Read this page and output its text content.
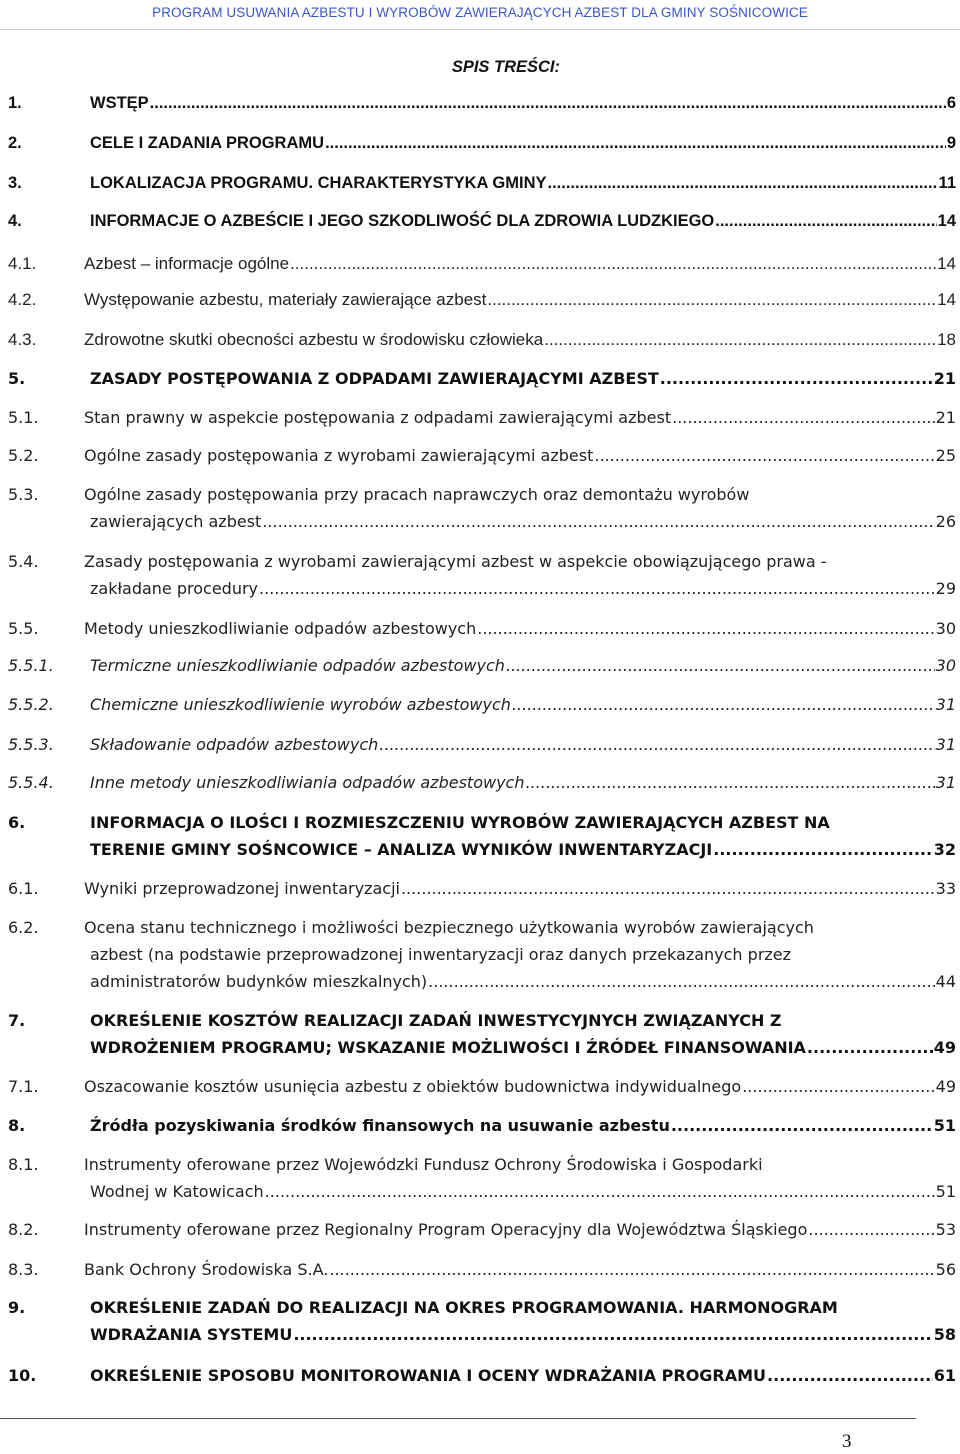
PROGRAM USUWANIA AZBESTU I WYROBÓW ZAWIERAJĄCYCH AZBEST DLA GMINY SOŚNICOWICE
SPIS TREŚCI:
1.	WSTĘP .....	6
2.	CELE I ZADANIA PROGRAMU .....	9
3.	LOKALIZACJA PROGRAMU. CHARAKTERYSTYKA GMINY .....	11
4.	INFORMACJE O AZBEŚCIE I JEGO SZKODLIWOŚĆ DLA ZDROWIA LUDZKIEGO .....	14
4.1.	Azbest – informacje ogólne .....	14
4.2.	Występowanie azbestu, materiały zawierające azbest .....	14
4.3.	Zdrowotne skutki obecności azbestu w środowisku człowieka .....	18
5.	ZASADY POSTĘPOWANIA Z ODPADAMI ZAWIERAJĄCYMI AZBEST .....	21
5.1.	Stan prawny w aspekcie postępowania z odpadami zawierającymi azbest .....	21
5.2.	Ogólne zasady postępowania z wyrobami zawierającymi azbest .....	25
5.3.	Ogólne zasady postępowania przy pracach naprawczych oraz demontażu wyrobów
zawierających azbest .....	26
5.4.	Zasady postępowania z wyrobami zawierającymi azbest w aspekcie obowiązującego prawa -
zakładane procedury .....	29
5.5.	Metody unieszkodliwianie odpadów azbestowych .....	30
5.5.1. Termiczne unieszkodliwianie odpadów azbestowych .....	30
5.5.2. Chemiczne unieszkodliwienie wyrobów azbestowych .....	31
5.5.3. Składowanie odpadów azbestowych .....	31
5.5.4. Inne metody unieszkodliwiania odpadów azbestowych .....	31
6.	INFORMACJA O ILOŚCI I ROZMIESZCZENIU WYROBÓW ZAWIERAJĄCYCH AZBEST NA
TERENIE GMINY SOŚNCOWICE – ANALIZA WYNIKÓW INWENTARYZACJI .....	32
6.1.	Wyniki przeprowadzonej inwentaryzacji .....	33
6.2.	Ocena stanu technicznego i możliwości bezpiecznego użytkowania wyrobów zawierających
azbest (na podstawie przeprowadzonej inwentaryzacji oraz danych przekazanych przez
administratorów budynków mieszkalnych) .....	44
7.	OKREŚLENIE KOSZTÓW REALIZACJI ZADAŃ INWESTYCYJNYCH ZWIĄZANYCH Z
WDROŻENIEM PROGRAMU; WSKAZANIE MOŻLIWOŚCI I ŹRÓDEŁ FINANSOWANIA .....	49
7.1.	Oszacowanie kosztów usunięcia azbestu z obiektów budownictwa indywidualnego .....	49
8.	Źródła pozyskiwania środków finansowych na usuwanie azbestu .....	51
8.1.	Instrumenty oferowane przez Wojewódzki Fundusz Ochrony Środowiska i Gospodarki
Wodnej w Katowicach .....	51
8.2.	Instrumenty oferowane przez Regionalny Program Operacyjny dla Województwa Śląskiego .....	53
8.3.	Bank Ochrony Środowiska S.A. .....	56
9.	OKREŚLENIE ZADAŃ DO REALIZACJI NA OKRES PROGRAMOWANIA. HARMONOGRAM
WDRAŻANIA SYSTEMU .....	58
10.	OKREŚLENIE SPOSOBU MONITOROWANIA I OCENY WDRAŻANIA PROGRAMU .....	61
3
